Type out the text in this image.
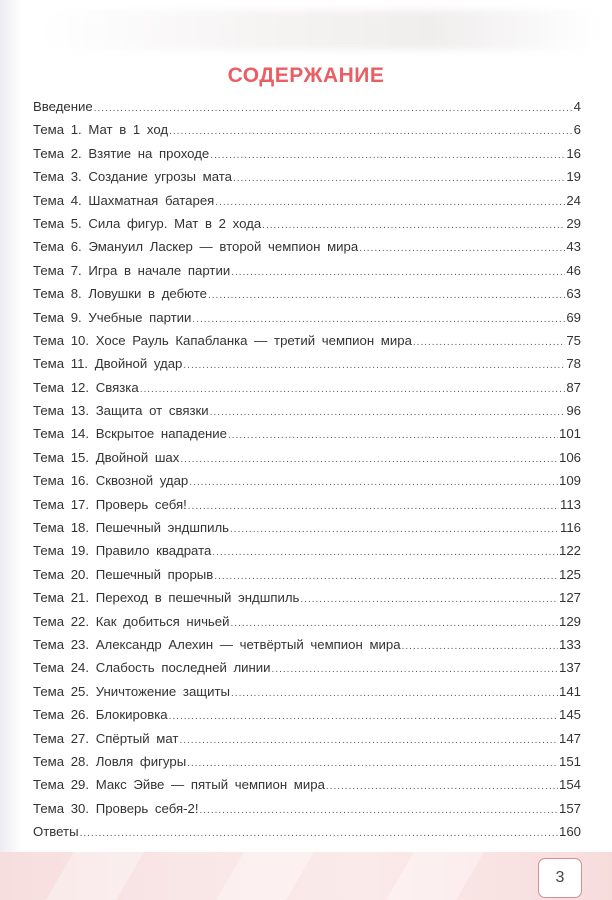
СОДЕРЖАНИЕ
Введение .....	4
Тема 1. Мат в 1 ход .....	6
Тема 2. Взятие на проходе .....	16
Тема 3. Создание угрозы мата .....	19
Тема 4. Шахматная батарея .....	24
Тема 5. Сила фигур. Мат в 2 хода .....	29
Тема 6. Эмануил Ласкер — второй чемпион мира .....	43
Тема 7. Игра в начале партии .....	46
Тема 8. Ловушки в дебюте .....	63
Тема 9. Учебные партии .....	69
Тема 10. Хосе Рауль Капабланка — третий чемпион мира .....	75
Тема 11. Двойной удар .....	78
Тема 12. Связка .....	87
Тема 13. Защита от связки .....	96
Тема 14. Вскрытое нападение .....	101
Тема 15. Двойной шах .....	106
Тема 16. Сквозной удар .....	109
Тема 17. Проверь себя! .....	113
Тема 18. Пешечный эндшпиль .....	116
Тема 19. Правило квадрата .....	122
Тема 20. Пешечный прорыв .....	125
Тема 21. Переход в пешечный эндшпиль .....	127
Тема 22. Как добиться ничьей .....	129
Тема 23. Александр Алехин — четвёртый чемпион мира .....	133
Тема 24. Слабость последней линии .....	137
Тема 25. Уничтожение защиты .....	141
Тема 26. Блокировка .....	145
Тема 27. Спёртый мат .....	147
Тема 28. Ловля фигуры .....	151
Тема 29. Макс Эйве — пятый чемпион мира .....	154
Тема 30. Проверь себя-2! .....	157
Ответы .....	160
3
